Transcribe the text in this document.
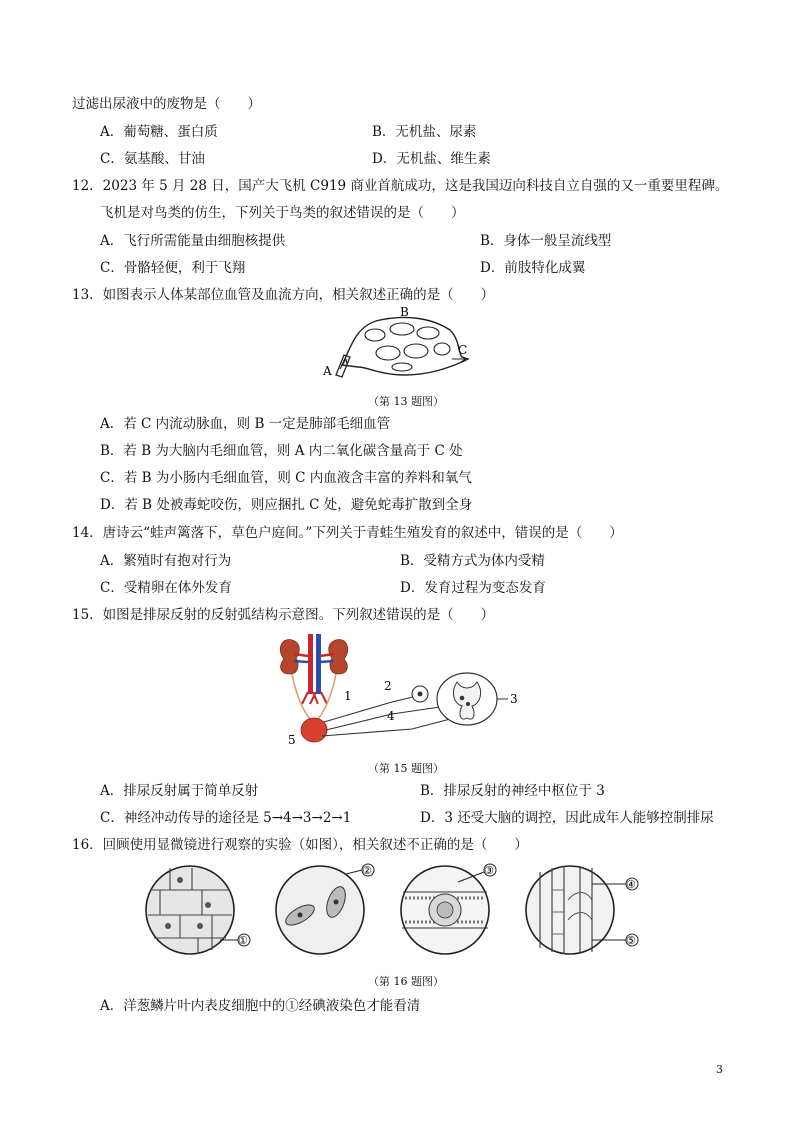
过滤出尿液中的废物是（　　）
A．葡萄糖、蛋白质	B．无机盐、尿素
C．氨基酸、甘油	D．无机盐、维生素
12．2023 年 5 月 28 日，国产大飞机 C919 商业首航成功，这是我国迈向科技自立自强的又一重要里程碑。
飞机是对鸟类的仿生，下列关于鸟类的叙述错误的是（　　）
A．飞行所需能量由细胞核提供	B．身体一般呈流线型
C．骨骼轻便，利于飞翔	D．前肢特化成翼
13．如图表示人体某部位血管及血流方向，相关叙述正确的是（　　）
A
B
C
（第 13 题图）
A．若 C 内流动脉血，则 B 一定是肺部毛细血管
B．若 B 为大脑内毛细血管，则 A 内二氧化碳含量高于 C 处
C．若 B 为小肠内毛细血管，则 C 内血液含丰富的养料和氧气
D．若 B 处被毒蛇咬伤，则应捆扎 C 处，避免蛇毒扩散到全身
14．唐诗云“蛙声篱落下，草色户庭间。”下列关于青蛙生殖发育的叙述中，错误的是（　　）
A．繁殖时有抱对行为	B．受精方式为体内受精
C．受精卵在体外发育	D．发育过程为变态发育
15．如图是排尿反射的反射弧结构示意图。下列叙述错误的是（　　）
1
2
3
4
5
（第 15 题图）
A．排尿反射属于简单反射	B．排尿反射的神经中枢位于 3
C．神经冲动传导的途径是 5→4→3→2→1	D．3 还受大脑的调控，因此成年人能够控制排尿
16．回顾使用显微镜进行观察的实验（如图），相关叙述不正确的是（　　）
①
②	③
④
⑤
（第 16 题图）
A．洋葱鳞片叶内表皮细胞中的①经碘液染色才能看清
3
